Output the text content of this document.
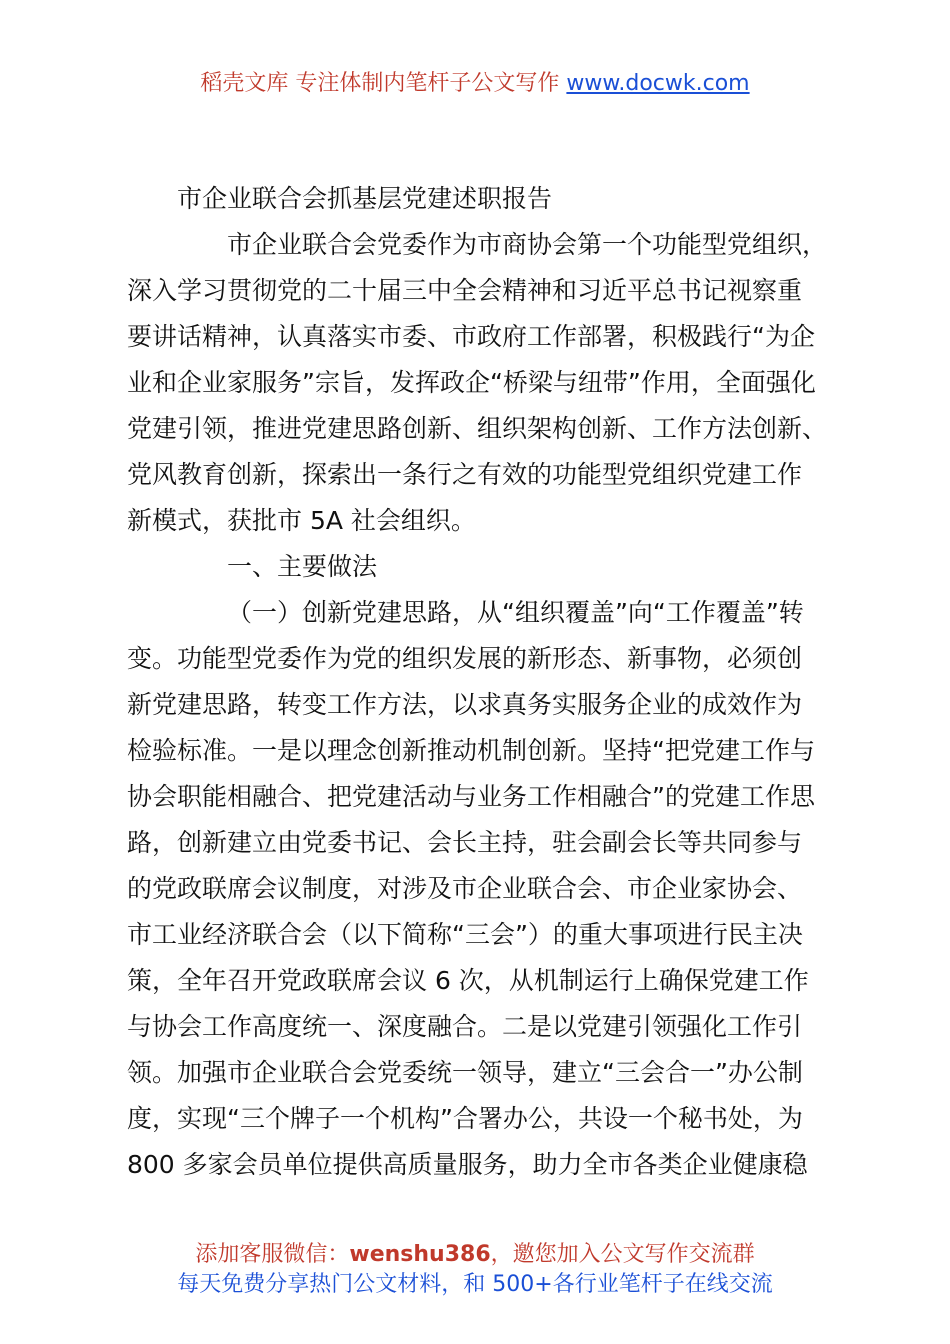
稻壳文库 专注体制内笔杆子公文写作 www.docwk.com
市企业联合会抓基层党建述职报告
市企业联合会党委作为市商协会第一个功能型党组织，
深入学习贯彻党的二十届三中全会精神和习近平总书记视察重
要讲话精神，认真落实市委、市政府工作部署，积极践行“为企
业和企业家服务”宗旨，发挥政企“桥梁与纽带”作用，全面强化
党建引领，推进党建思路创新、组织架构创新、工作方法创新、
党风教育创新，探索出一条行之有效的功能型党组织党建工作
新模式，获批市 5A 社会组织。
一、主要做法
（一）创新党建思路，从“组织覆盖”向“工作覆盖”转
变。功能型党委作为党的组织发展的新形态、新事物，必须创
新党建思路，转变工作方法，以求真务实服务企业的成效作为
检验标准。一是以理念创新推动机制创新。坚持“把党建工作与
协会职能相融合、把党建活动与业务工作相融合”的党建工作思
路，创新建立由党委书记、会长主持，驻会副会长等共同参与
的党政联席会议制度，对涉及市企业联合会、市企业家协会、
市工业经济联合会（以下简称“三会”）的重大事项进行民主决
策，全年召开党政联席会议 6 次，从机制运行上确保党建工作
与协会工作高度统一、深度融合。二是以党建引领强化工作引
领。加强市企业联合会党委统一领导，建立“三会合一”办公制
度，实现“三个牌子一个机构”合署办公，共设一个秘书处，为
800 多家会员单位提供高质量服务，助力全市各类企业健康稳
添加客服微信：wenshu386，邀您加入公文写作交流群
每天免费分享热门公文材料，和 500+各行业笔杆子在线交流
